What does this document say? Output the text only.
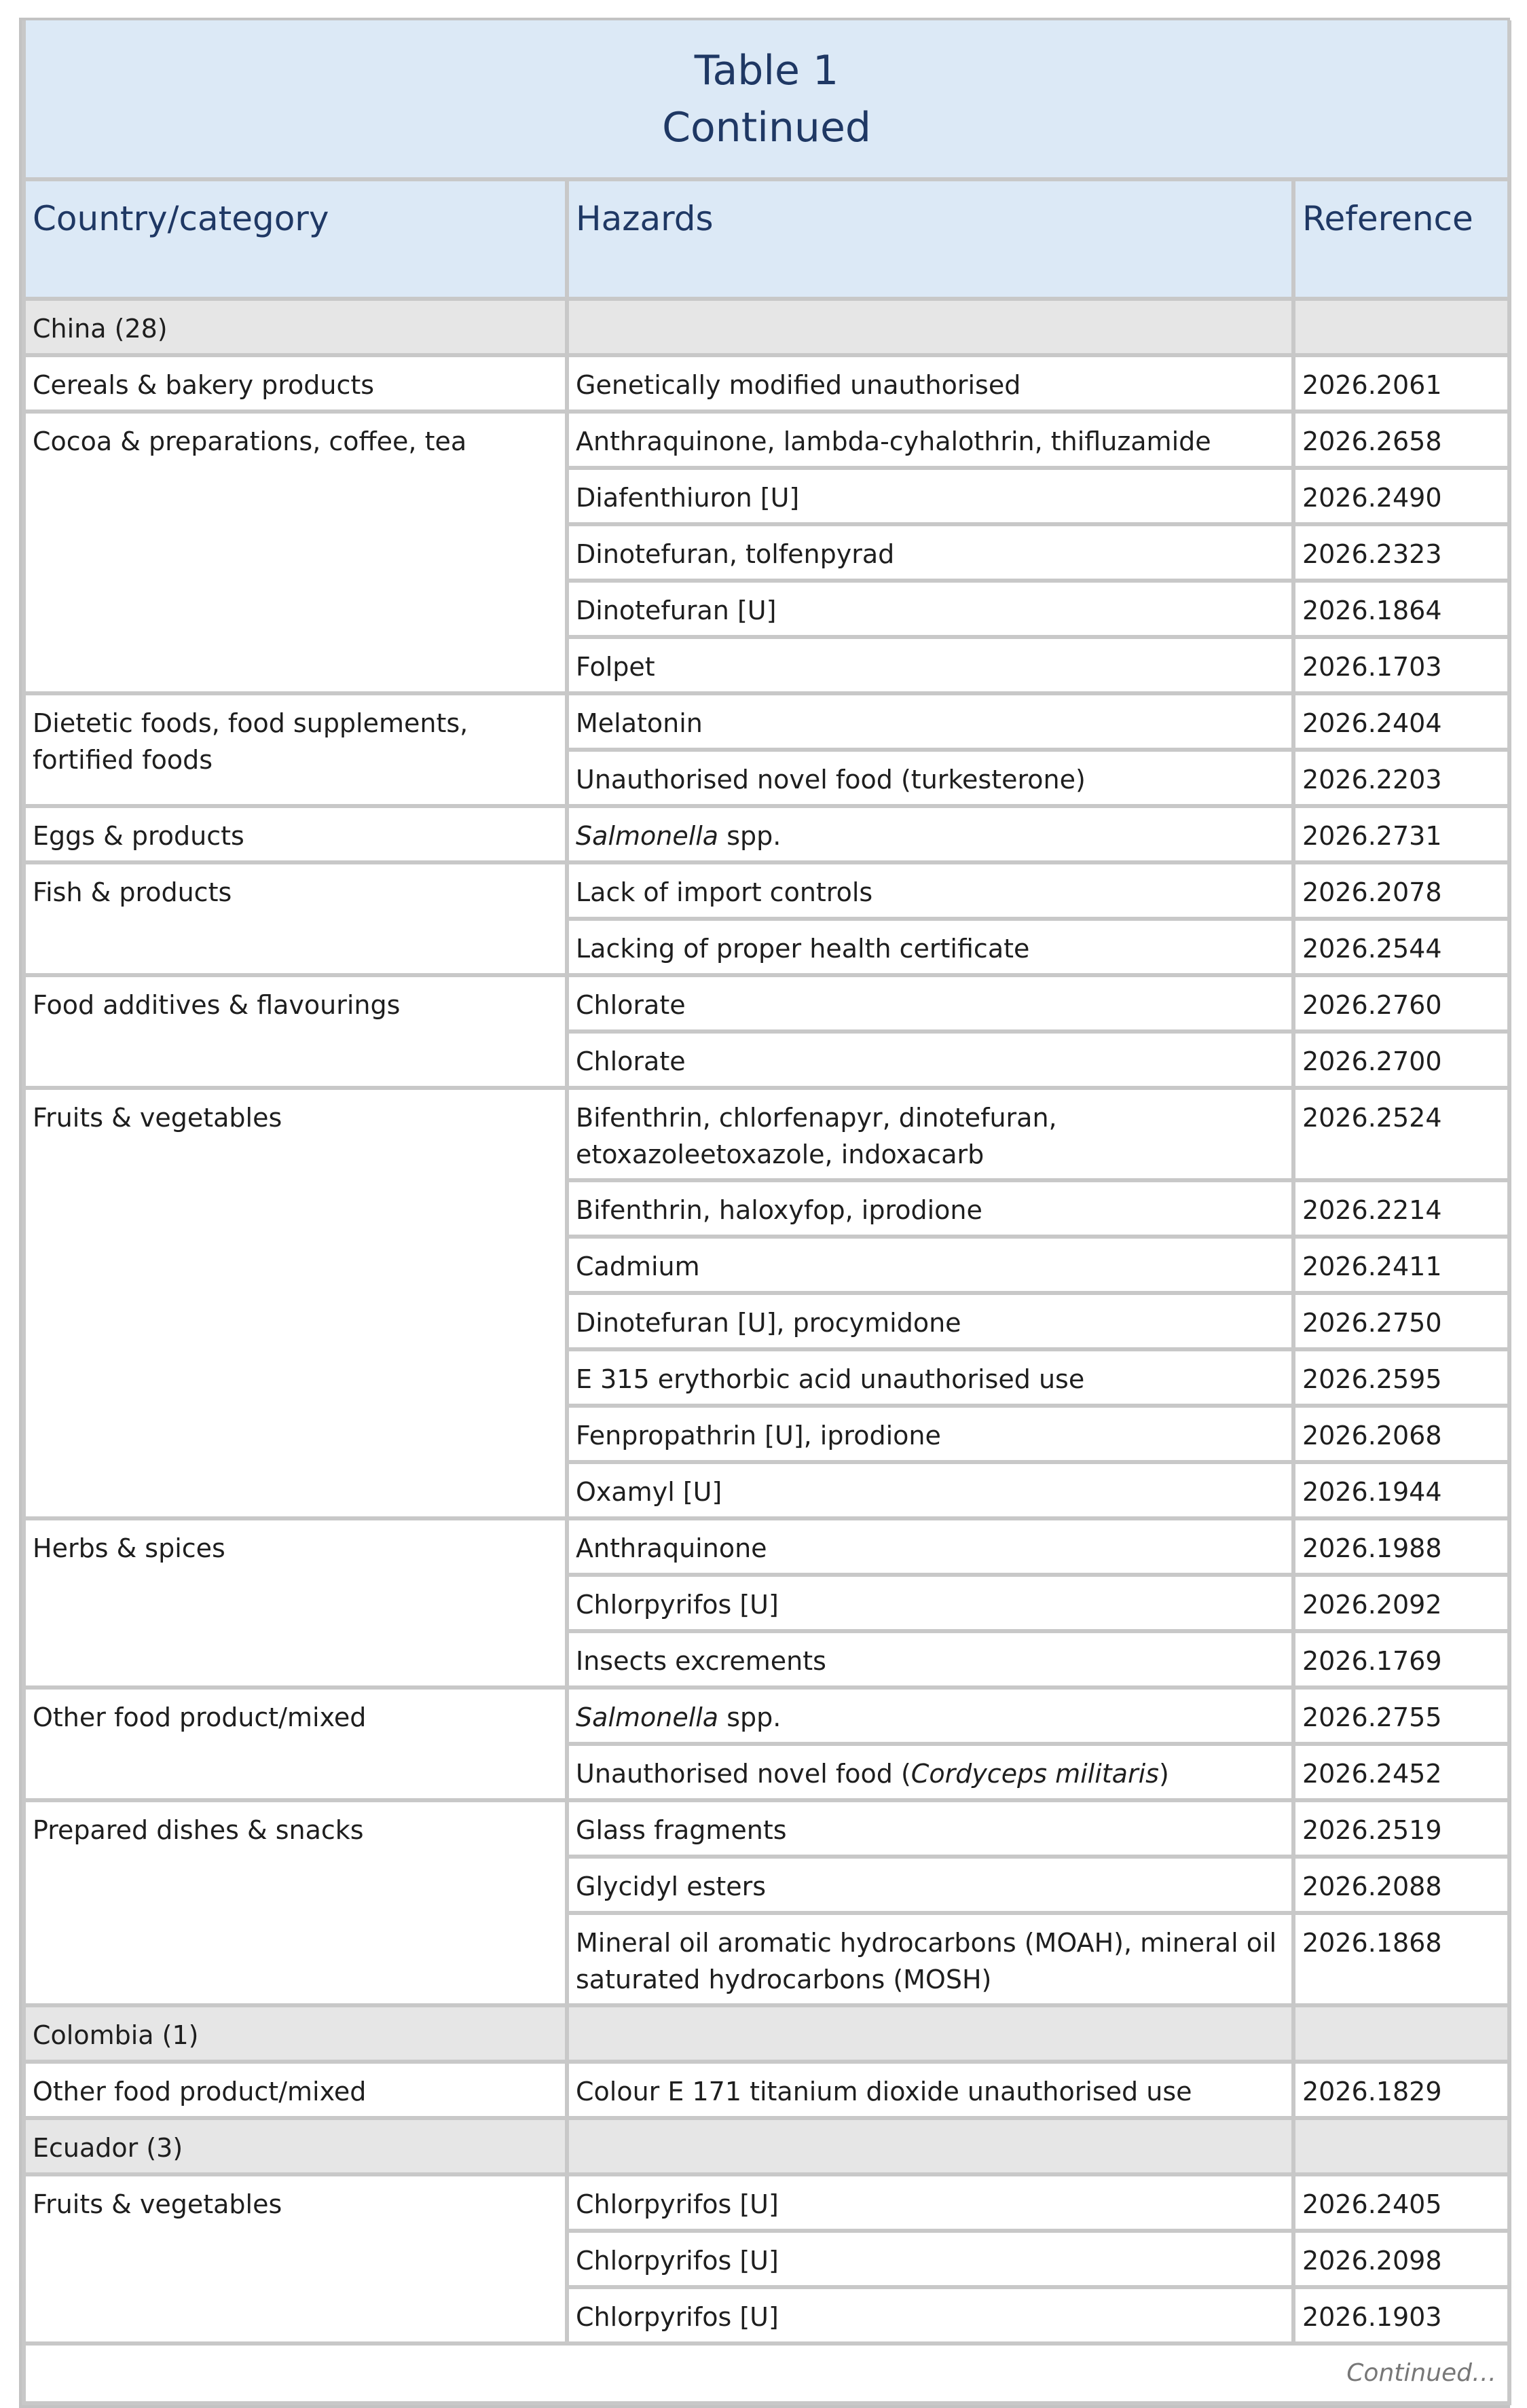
Table 1
Continued		

Country/category	Hazards	Reference
China (28)		
Cereals & bakery products	Genetically modified unauthorised	2026.2061
Cocoa & preparations, coffee, tea	Anthraquinone, lambda-cyhalothrin, thifluzamide	2026.2658
	Diafenthiuron [U]	2026.2490
	Dinotefuran, tolfenpyrad	2026.2323
	Dinotefuran [U]	2026.1864
	Folpet	2026.1703
Dietetic foods, food supplements, fortified foods	Melatonin	2026.2404
	Unauthorised novel food (turkesterone)	2026.2203
Eggs & products	Salmonella spp.	2026.2731
Fish & products	Lack of import controls	2026.2078
	Lacking of proper health certificate	2026.2544
Food additives & flavourings	Chlorate	2026.2760
	Chlorate	2026.2700
Fruits & vegetables	Bifenthrin, chlorfenapyr, dinotefuran, etoxazoleetoxazole, indoxacarb	2026.2524
	Bifenthrin, haloxyfop, iprodione	2026.2214
	Cadmium	2026.2411
	Dinotefuran [U], procymidone	2026.2750
	E 315 erythorbic acid unauthorised use	2026.2595
	Fenpropathrin [U], iprodione	2026.2068
	Oxamyl [U]	2026.1944
Herbs & spices	Anthraquinone	2026.1988
	Chlorpyrifos [U]	2026.2092
	Insects excrements	2026.1769
Other food product/mixed	Salmonella spp.	2026.2755
	Unauthorised novel food (Cordyceps militaris)	2026.2452
Prepared dishes & snacks	Glass fragments	2026.2519
	Glycidyl esters	2026.2088
	Mineral oil aromatic hydrocarbons (MOAH), mineral oil saturated hydrocarbons (MOSH)	2026.1868
Colombia (1)		
Other food product/mixed	Colour E 171 titanium dioxide unauthorised use	2026.1829
Ecuador (3)		
Fruits & vegetables	Chlorpyrifos [U]	2026.2405
	Chlorpyrifos [U]	2026.2098
	Chlorpyrifos [U]	2026.1903
Continued…		
